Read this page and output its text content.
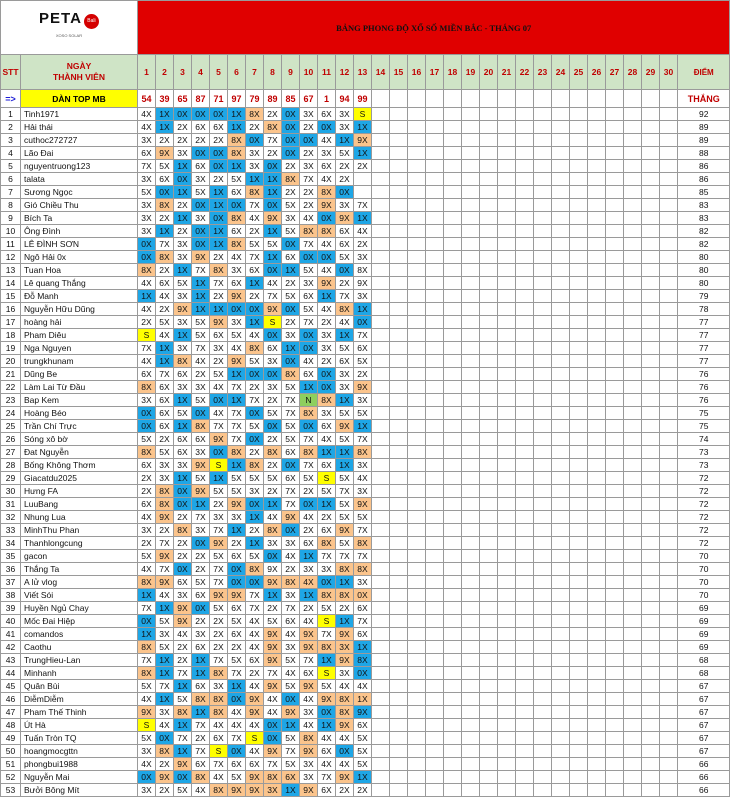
PETA Bali
XOSO SOLAR		BẢNG PHONG ĐỘ XỔ SỐ MIỀN BẮC - THÁNG 07																														
STT	NGÀY
THÀNH VIÊN	1	2	3	4	5	6	7	8	9	10	11	12	13	14	15	16	17	18	19	20	21	22	23	24	25	26	27	28	29	30	ĐIỂM
=>	DÀN TOP MB	54	39	65	87	71	97	79	89	85	67	1	94	99																		THẮNG
1	Tinh1971	4X	1X	0X	0X	0X	1X	8X	2X	0X	3X	6X	3X	S																		92
2	Hải thái	4X	1X	2X	6X	6X	1X	2X	8X	0X	2X	0X	3X	1X																		89
3	cuthoc272727	3X	2X	2X	2X	2X	8X	0X	7X	0X	0X	4X	1X	9X																		89
4	Lão Đai	6X	9X	3X	0X	0X	8X	3X	2X	0X	2X	3X	5X	1X																		88
5	nguyentruong123	7X	5X	1X	6X	0X	1X	3X	0X	2X	3X	6X	2X	2X																		86
6	talata	3X	6X	0X	3X	2X	5X	1X	1X	8X	7X	4X	2X																			86
7	Sương Ngọc	5X	0X	1X	5X	1X	6X	8X	1X	2X	2X	8X	0X																			85
8	Gió Chiều Thu	3X	8X	2X	0X	1X	0X	7X	0X	5X	2X	9X	3X	7X																		83
9	Bích Ta	3X	2X	1X	3X	0X	8X	4X	9X	3X	4X	0X	9X	1X																		83
10	Ông Đình	3X	1X	2X	0X	1X	6X	2X	1X	5X	8X	8X	6X	4X																		82
11	LÊ ĐÌNH SƠN	0X	7X	3X	0X	1X	8X	5X	5X	0X	7X	4X	6X	2X																		82
12	Ngô Hải 0x	0X	8X	3X	9X	2X	4X	7X	1X	6X	0X	0X	5X	3X																		80
13	Tuan Hoa	8X	2X	1X	7X	8X	3X	6X	0X	1X	5X	4X	0X	8X																		80
14	Lê quang Thắng	4X	6X	5X	1X	7X	6X	1X	4X	2X	3X	9X	2X	9X																		80
15	Đỗ Manh	1X	4X	3X	1X	2X	9X	2X	7X	5X	6X	1X	7X	3X																		79
16	Nguyễn Hữu Dũng	4X	2X	9X	1X	1X	0X	0X	9X	0X	5X	4X	8X	1X																		78
17	hoàng hải	2X	5X	3X	5X	9X	3X	1X	S	2X	7X	2X	4X	0X																		77
18	Pham Diêu	S	4X	1X	5X	6X	5X	4X	0X	3X	0X	3X	1X	7X																		77
19	Nga Nguyen	7X	1X	3X	7X	3X	4X	8X	6X	1X	0X	3X	5X	6X																		77
20	trungkhunam	4X	1X	8X	4X	2X	9X	5X	3X	0X	4X	2X	6X	5X																		77
21	Dũng Be	6X	7X	6X	2X	5X	1X	0X	0X	8X	6X	0X	3X	2X																		76
22	Làm Lai Từ Đầu	8X	6X	3X	3X	4X	7X	2X	3X	5X	1X	0X	3X	9X																		76
23	Bap Kem	3X	6X	1X	5X	0X	1X	7X	2X	7X	N	8X	1X	3X																		76
24	Hoàng Béo	0X	6X	5X	0X	4X	7X	0X	5X	7X	8X	3X	5X	5X																		75
25	Trần Chí Trực	0X	6X	1X	8X	7X	7X	5X	0X	5X	0X	6X	9X	1X																		75
26	Sóng xô bờ	5X	2X	6X	6X	9X	7X	0X	2X	5X	7X	4X	5X	7X																		74
27	Đat Nguyễn	8X	5X	6X	3X	0X	8X	2X	8X	6X	8X	1X	1X	8X																		73
28	Bống Không Thơm	6X	3X	3X	9X	S	1X	8X	2X	0X	7X	6X	1X	3X																		73
29	Giacatdu2025	2X	3X	1X	5X	1X	5X	5X	5X	6X	5X	S	5X	4X																		72
30	Hưng FA	2X	8X	0X	9X	5X	5X	3X	2X	7X	2X	5X	7X	3X																		72
31	LuuBang	6X	8X	0X	1X	2X	9X	0X	1X	7X	0X	1X	5X	9X																		72
32	Nhung Lua	4X	9X	2X	7X	3X	3X	1X	4X	9X	4X	2X	5X	5X																		72
33	MinhThu Phan	3X	2X	8X	3X	7X	1X	2X	8X	0X	2X	6X	9X	7X																		72
34	Thanhlongcung	2X	7X	2X	0X	9X	2X	1X	3X	3X	6X	8X	5X	8X																		72
35	gacon	5X	9X	2X	2X	5X	6X	5X	0X	4X	1X	7X	7X	7X																		70
36	Thắng Ta	4X	7X	0X	2X	7X	0X	8X	9X	2X	3X	3X	8X	8X																		70
37	A lử vlog	8X	9X	6X	5X	7X	0X	0X	9X	8X	4X	0X	1X	3X																		70
38	Viết Sói	1X	4X	3X	6X	9X	9X	7X	1X	3X	1X	8X	8X	0X																		70
39	Huyền Ngủ Chay	7X	1X	9X	0X	5X	6X	7X	2X	7X	2X	5X	2X	6X																		69
40	Mốc Đai Hiệp	0X	5X	9X	2X	2X	5X	4X	5X	6X	4X	S	1X	7X																		69
41	comandos	1X	3X	4X	3X	2X	6X	4X	9X	4X	9X	7X	9X	6X																		69
42	Caothu	8X	5X	2X	6X	2X	2X	4X	9X	3X	9X	8X	3X	1X																		69
43	TrungHieu-Lan	7X	1X	2X	1X	7X	5X	6X	9X	5X	7X	1X	9X	8X																		68
44	Minhanh	8X	1X	7X	1X	8X	7X	2X	7X	4X	6X	S	3X	0X																		68
45	Quân Bùi	5X	7X	1X	6X	3X	1X	4X	9X	5X	9X	5X	4X	4X																		67
46	DiễmDiễm	4X	1X	5X	8X	8X	0X	9X	4X	0X	4X	9X	8X	1X																		67
47	Pham Thế Thinh	9X	3X	8X	1X	8X	4X	9X	4X	9X	3X	0X	8X	9X																		67
48	Út Hà	S	4X	1X	7X	4X	4X	4X	0X	1X	4X	1X	9X	6X																		67
49	Tuấn Tròn TQ	5X	0X	7X	2X	6X	7X	S	0X	5X	8X	4X	4X	5X																		67
50	hoangmocgttn	3X	8X	1X	7X	S	0X	4X	9X	7X	9X	6X	0X	5X																		67
51	phongbui1988	4X	2X	9X	6X	7X	6X	6X	7X	5X	3X	4X	4X	5X																		66
52	Nguyễn Mai	0X	9X	0X	8X	4X	5X	9X	8X	6X	3X	7X	9X	1X																		66
53	Bưởi Bông Mít	3X	2X	5X	4X	8X	9X	9X	3X	1X	9X	6X	2X	2X																		66
